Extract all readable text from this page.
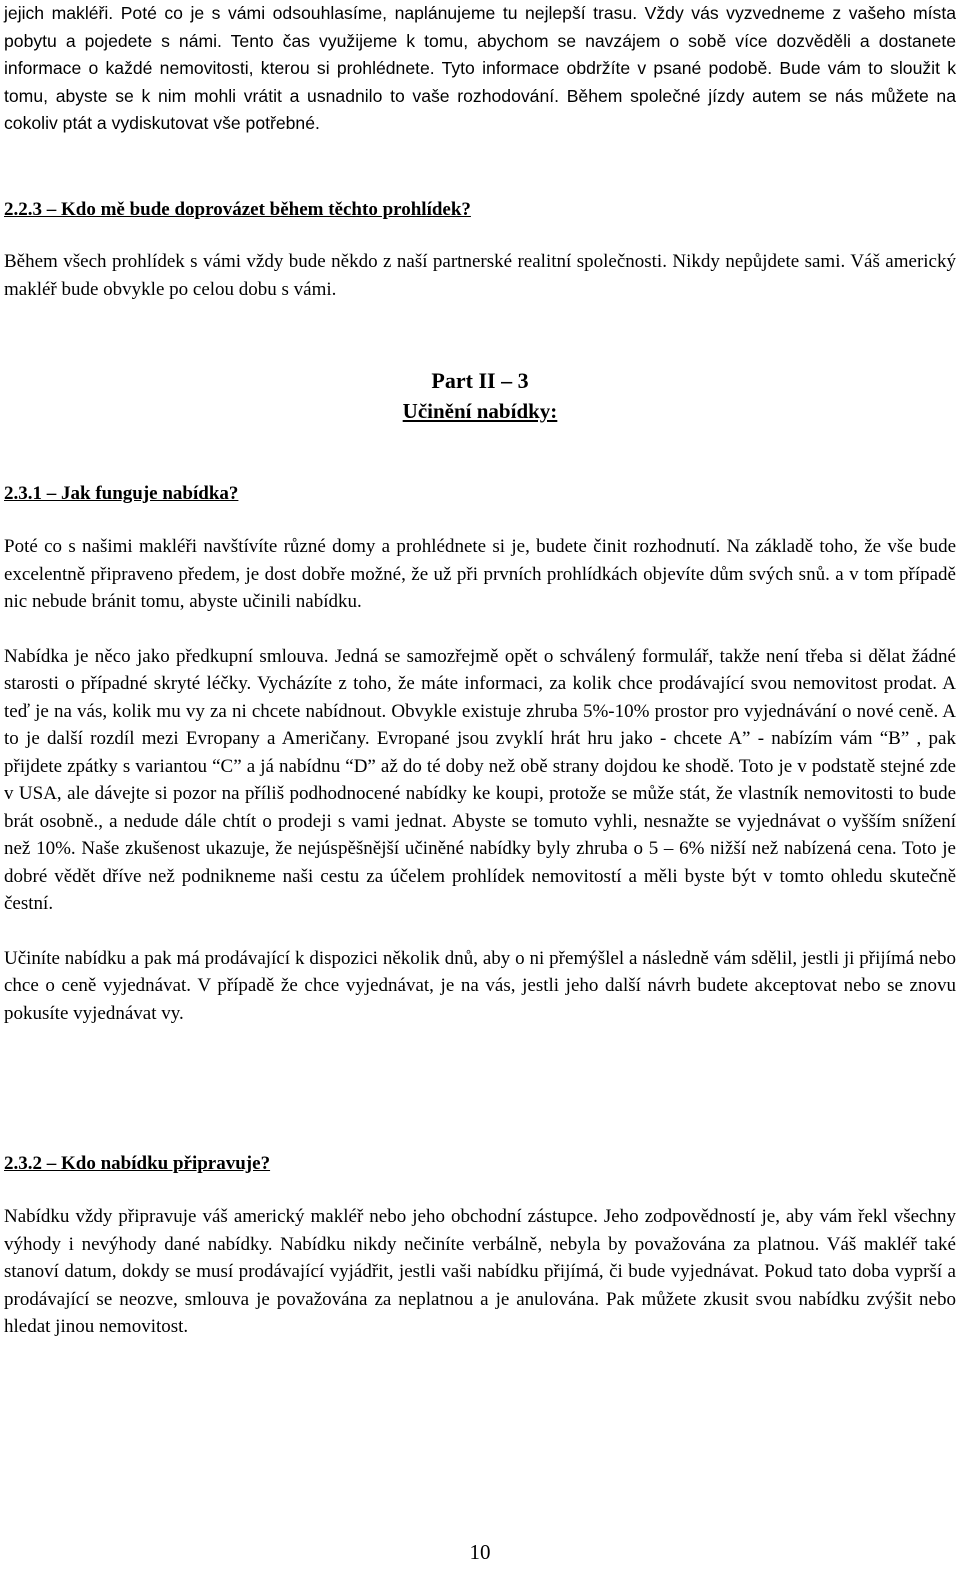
jejich makléři. Poté co je s vámi odsouhlasíme, naplánujeme tu nejlepší trasu. Vždy vás vyzvedneme z vašeho místa pobytu a pojedete s námi. Tento čas využijeme k tomu, abychom se navzájem o sobě více dozvěděli a dostanete informace o každé nemovitosti, kterou si prohlédnete. Tyto informace obdržíte v psané podobě. Bude vám to sloužit k tomu, abyste se k nim mohli vrátit a usnadnilo to vaše rozhodování. Během společné jízdy autem se nás můžete na cokoliv ptát a vydiskutovat vše potřebné.

2.2.3 – Kdo mě bude doprovázet během těchto prohlídek?

Během všech prohlídek s vámi vždy bude někdo z naší partnerské realitní společnosti. Nikdy nepůjdete sami. Váš americký makléř bude obvykle po celou dobu s vámi.

Part II – 3
Učinění nabídky:
2.3.1 – Jak funguje nabídka?

Poté co s našimi makléři navštívíte různé domy a prohlédnete si je, budete činit rozhodnutí. Na základě toho, že vše bude excelentně připraveno předem, je dost dobře možné, že už při prvních prohlídkách objevíte dům svých snů. a v tom případě nic nebude bránit tomu, abyste učinili nabídku.

Nabídka je něco jako předkupní smlouva. Jedná se samozřejmě opět o schválený formulář, takže není třeba si dělat žádné starosti o případné skryté léčky. Vycházíte z toho, že máte informaci, za kolik chce prodávající svou nemovitost prodat. A teď je na vás, kolik mu vy za ni chcete nabídnout. Obvykle existuje zhruba 5%-10% prostor pro vyjednávání o nové ceně. A to je další rozdíl mezi Evropany a Američany. Evropané jsou zvyklí hrát hru jako - chcete A” - nabízím vám “B” , pak přijdete zpátky s variantou “C” a já nabídnu “D” až do té doby než obě strany dojdou ke shodě. Toto je v podstatě stejné zde v USA, ale dávejte si pozor na příliš podhodnocené nabídky ke koupi, protože se může stát, že vlastník nemovitosti to bude brát osobně., a nedude dále chtít o prodeji s vami jednat. Abyste se tomuto vyhli, nesnažte se vyjednávat o vyšším snížení než 10%. Naše zkušenost ukazuje, že nejúspěšnější učiněné nabídky byly zhruba o 5 – 6% nižší než nabízená cena. Toto je dobré vědět dříve než podnikneme naši cestu za účelem prohlídek nemovitostí a měli byste být v tomto ohledu skutečně čestní.

Učiníte nabídku a pak má prodávající k dispozici několik dnů, aby o ni přemýšlel a následně vám sdělil, jestli ji přijímá nebo chce o ceně vyjednávat. V případě že chce vyjednávat, je na vás, jestli jeho další návrh budete akceptovat nebo se znovu pokusíte vyjednávat vy.

2.3.2 – Kdo nabídku připravuje?

Nabídku vždy připravuje váš americký makléř nebo jeho obchodní zástupce. Jeho zodpovědností je, aby vám řekl všechny výhody i nevýhody dané nabídky. Nabídku nikdy nečiníte verbálně, nebyla by považována za platnou. Váš makléř také stanoví datum, dokdy se musí prodávající vyjádřit, jestli vaši nabídku přijímá, či bude vyjednávat. Pokud tato doba vyprší a prodávající se neozve, smlouva je považována za neplatnou a je anulována. Pak můžete zkusit svou nabídku zvýšit nebo hledat jinou nemovitost.

10
